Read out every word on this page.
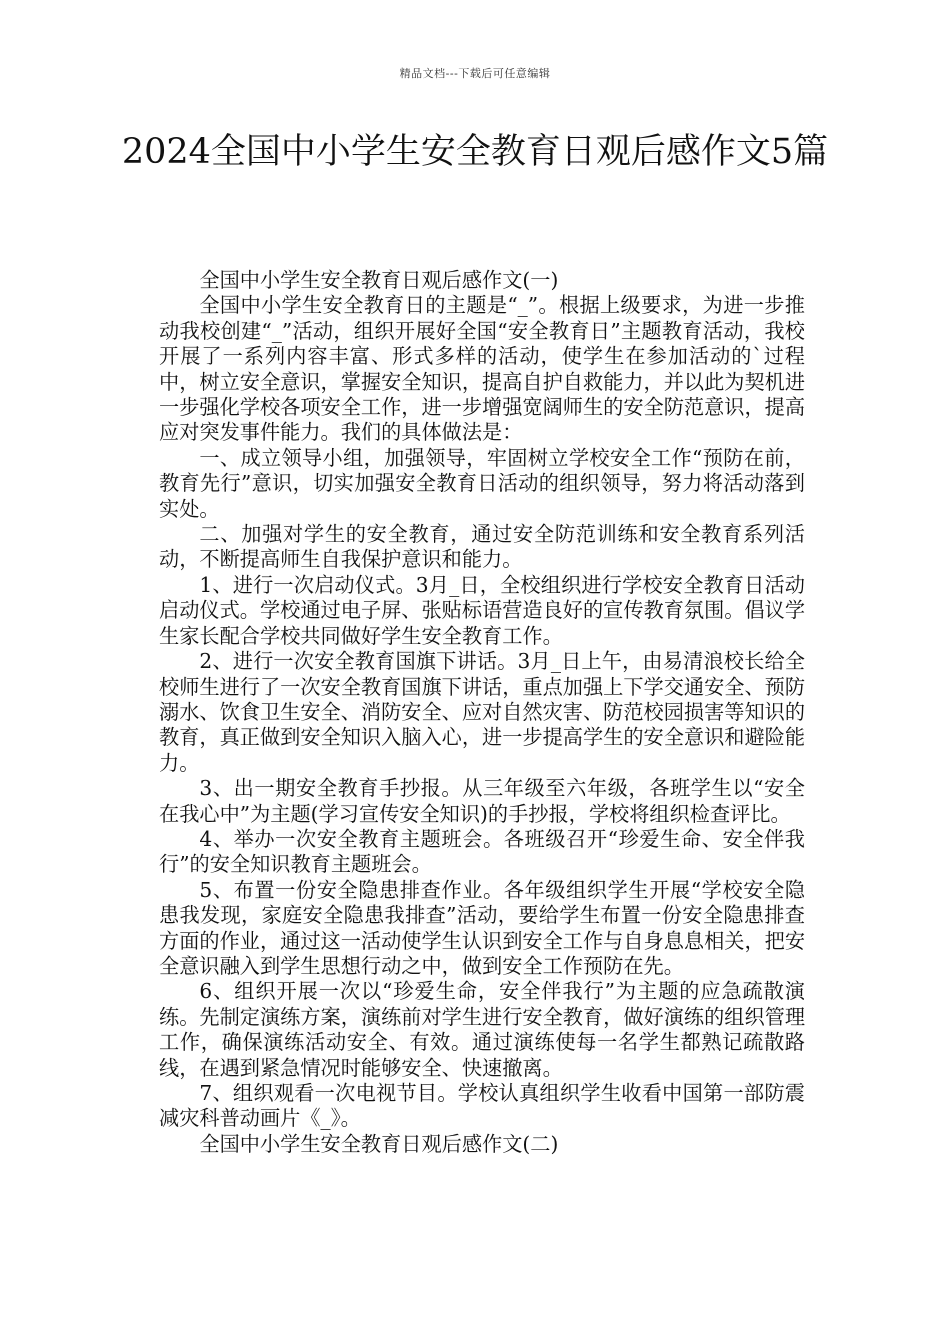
精品文档---下载后可任意编辑
2024全国中小学生安全教育日观后感作文5篇

全国中小学生安全教育日观后感作文(一)

全国中小学生安全教育日的主题是“_”。根据上级要求，为进一步推动我校创建“_”活动，组织开展好全国“安全教育日”主题教育活动，我校开展了一系列内容丰富、形式多样的活动，使学生在参加活动的`过程中，树立安全意识，掌握安全知识，提高自护自救能力，并以此为契机进一步强化学校各项安全工作，进一步增强宽阔师生的安全防范意识，提高应对突发事件能力。我们的具体做法是：

一、成立领导小组，加强领导，牢固树立学校安全工作“预防在前，教育先行”意识，切实加强安全教育日活动的组织领导，努力将活动落到实处。

二、加强对学生的安全教育，通过安全防范训练和安全教育系列活动，不断提高师生自我保护意识和能力。

1、进行一次启动仪式。3月_日，全校组织进行学校安全教育日活动启动仪式。学校通过电子屏、张贴标语营造良好的宣传教育氛围。倡议学生家长配合学校共同做好学生安全教育工作。

2、进行一次安全教育国旗下讲话。3月_日上午，由易清浪校长给全校师生进行了一次安全教育国旗下讲话，重点加强上下学交通安全、预防溺水、饮食卫生安全、消防安全、应对自然灾害、防范校园损害等知识的教育，真正做到安全知识入脑入心，进一步提高学生的安全意识和避险能力。

3、出一期安全教育手抄报。从三年级至六年级，各班学生以“安全在我心中”为主题(学习宣传安全知识)的手抄报，学校将组织检查评比。

4、举办一次安全教育主题班会。各班级召开“珍爱生命、安全伴我行”的安全知识教育主题班会。

5、布置一份安全隐患排查作业。各年级组织学生开展“学校安全隐患我发现，家庭安全隐患我排查”活动，要给学生布置一份安全隐患排查方面的作业，通过这一活动使学生认识到安全工作与自身息息相关，把安全意识融入到学生思想行动之中，做到安全工作预防在先。

6、组织开展一次以“珍爱生命，安全伴我行”为主题的应急疏散演练。先制定演练方案，演练前对学生进行安全教育，做好演练的组织管理工作，确保演练活动安全、有效。通过演练使每一名学生都熟记疏散路线，在遇到紧急情况时能够安全、快速撤离。

7、组织观看一次电视节目。学校认真组织学生收看中国第一部防震减灾科普动画片《_》。

全国中小学生安全教育日观后感作文(二)
